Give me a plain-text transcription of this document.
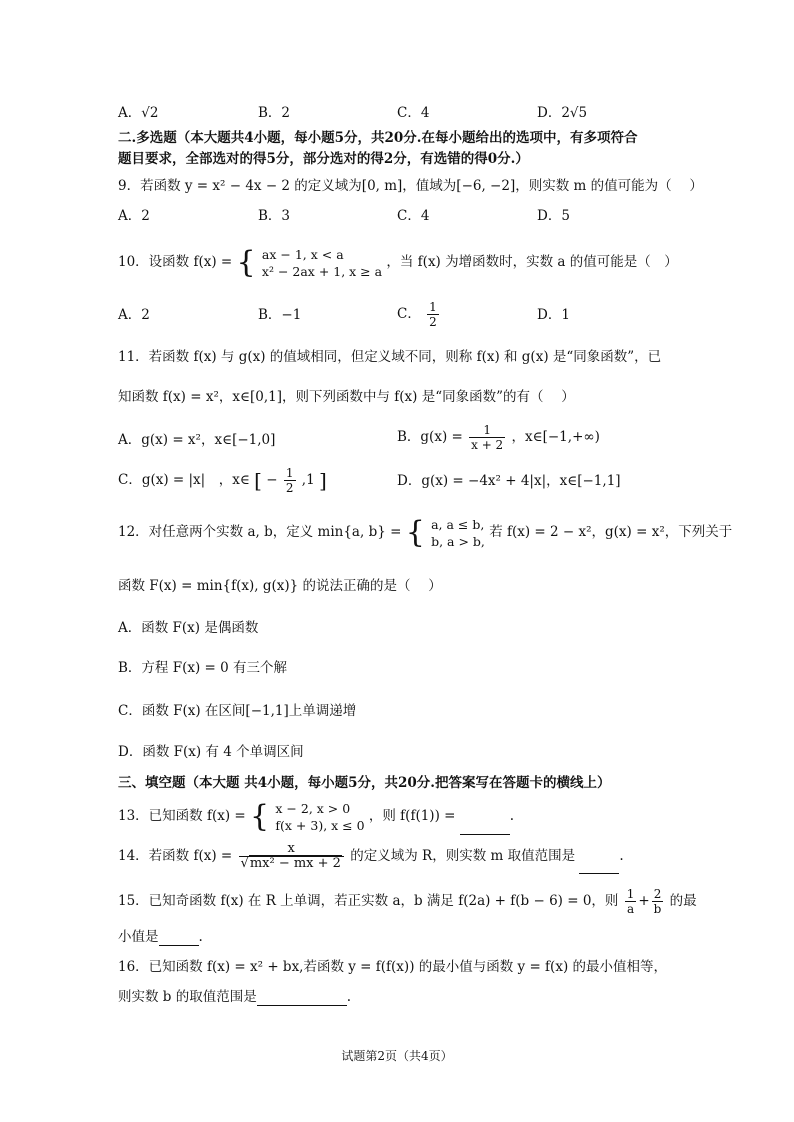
A．√2	B．2	C．4	D．2√5
二.多选题（本大题共4小题，每小题5分，共20分.在每小题给出的选项中，有多项符合
题目要求，全部选对的得5分，部分选对的得2分，有选错的得0分.）
9．若函数 y = x² − 4x − 2 的定义域为[0, m]，值域为[−6, −2]，则实数 m 的值可能为（　 ）
A．2	B．3	C．4	D．5
10．设函数 f(x) = { ax − 1, x < a
x² − 2ax + 1, x ≥ a
，当 f(x) 为增函数时，实数 a 的值可能是（　）
A．2	B．−1	C． $\frac{1}{2}$	D．1
11．若函数 f(x) 与 g(x) 的值域相同，但定义域不同，则称 f(x) 和 g(x) 是“同象函数”，已
知函数 f(x) = x²，x∈[0,1]，则下列函数中与 f(x) 是“同象函数”的有（　 ）
A．g(x) = x²，x∈[−1,0]	B．$g(x) = \frac{1}{x + 2}$ ，x∈[−1,+∞)
C．g(x) = |x|　，x∈ [ − $\frac{1}{2} ,1$ ]	D．g(x) = −4x² + 4|x|，x∈[−1,1]
12．对任意两个实数 a, b，定义 min{a, b} = { a, a ≤ b,
b, a > b,
若 f(x) = 2 − x²，g(x) = x²，下列关于
函数 F(x) = min{f(x), g(x)} 的说法正确的是（　 ）
A．函数 F(x) 是偶函数
B．方程 F(x) = 0 有三个解
C．函数 F(x) 在区间[−1,1]上单调递增
D．函数 F(x) 有 4 个单调区间
三、填空题（本大题 共4小题，每小题5分，共20分.把答案写在答题卡的横线上）
13．已知函数 f(x) = { x − 2, x > 0
f(x + 3), x ≤ 0
，则 f(f(1)) =	.
14．若函数 $f(x) = \frac{x}{\text{√mx² − mx + 2}}$ 的定义域为 R，则实数 m 取值范围是	.
15．已知奇函数 f(x) 在 R 上单调，若正实数 a，b 满足 f(2a) + f(b − 6) = 0，则 $\frac{1}{a} + \frac{2}{b}$ 的最
小值是	.
16．已知函数 f(x) = x² + bx,若函数 y = f(f(x)) 的最小值与函数 y = f(x) 的最小值相等，
则实数 b 的取值范围是	.
试题第2页（共4页）
